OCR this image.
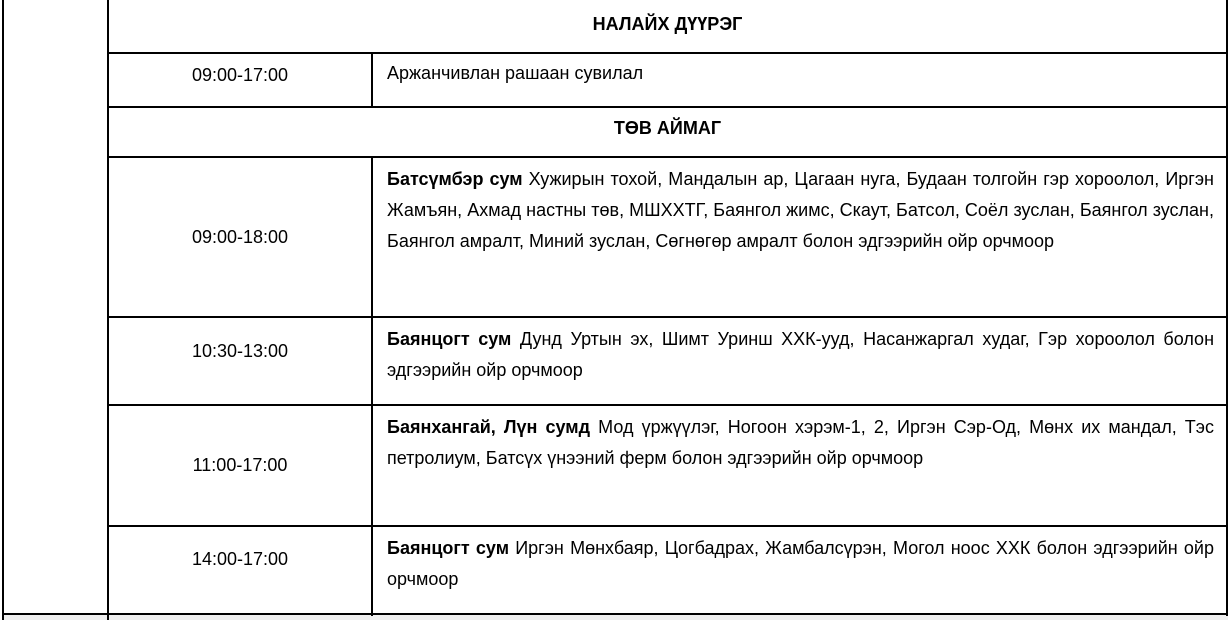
НАЛАЙХ ДҮҮРЭГ
09:00-17:00	Аржанчивлан рашаан сувилал
ТӨВ АЙМАГ
09:00-18:00
Батсүмбэр сум Хужирын тохой, Мандалын ар, Цагаан нуга, Будаан толгойн гэр хороолол, Иргэн Жамъян, Ахмад настны төв, МШХХТГ, Баянгол жимс, Скаут, Батсол, Соёл зуслан, Баянгол зуслан, Баянгол амралт, Миний зуслан, Сөгнөгөр амралт болон эдгээрийн ойр орчмоор
10:30-13:00
Баянцогт сум Дунд Уртын эх, Шимт Уринш ХХК-ууд, Насанжаргал худаг, Гэр хороолол болон эдгээрийн ойр орчмоор
11:00-17:00
Баянхангай, Лүн сумд Мод үржүүлэг, Ногоон хэрэм-1, 2, Иргэн Сэр-Од, Мөнх их мандал, Тэс петролиум, Батсүх үнээний ферм болон эдгээрийн ойр орчмоор
14:00-17:00
Баянцогт сум Иргэн Мөнхбаяр, Цогбадрах, Жамбалсүрэн, Могол ноос ХХК болон эдгээрийн ойр орчмоор
